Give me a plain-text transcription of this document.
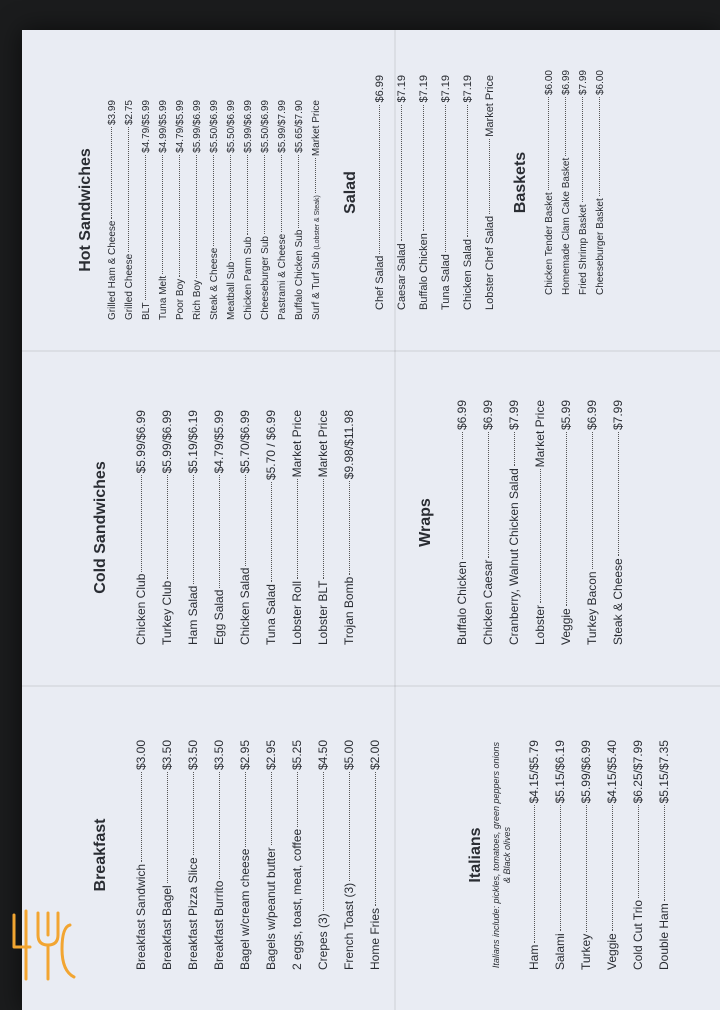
Breakfast
Breakfast Sandwich
$3.00
Breakfast Bagel
$3.50
Breakfast Pizza Slice
$3.50
Breakfast Burrito
$3.50
Bagel w/cream cheese
$2.95
Bagels w/peanut butter
$2.95
2 eggs, toast, meat, coffee
$5.25
Crepes (3)
$4.50
French Toast (3)
$5.00
Home Fries
$2.00
Italians Italians include: pickles, tomatoes, green peppers onions & Black olives
Ham
$4.15/$5.79
Salami
$5.15/$6.19
Turkey
$5.99/$6.99
Veggie
$4.15/$5.40
Cold Cut Trio
$6.25/$7.99
Double Ham
$5.15/$7.35
Cold Sandwiches
Chicken Club
$5.99/$6.99
Turkey Club
$5.99/$6.99
Ham Salad
$5.19/$6.19
Egg Salad
$4.79/$5.99
Chicken Salad
$5.70/$6.99
Tuna Salad
$5.70 / $6.99
Lobster Roll
Market Price
Lobster BLT
Market Price
Trojan Bomb
$9.98/$11.98
Wraps
Buffalo Chicken
$6.99
Chicken Caesar
$6.99
Cranberry, Walnut Chicken Salad
$7.99
Lobster
Market Price
Veggie
$5.99
Turkey Bacon
$6.99
Steak & Cheese
$7.99
Hot Sandwiches Grilled Ham & Cheese
$3.99
Grilled Cheese
$2.75
BLT
$4.79/$5.99
Tuna Melt
$4.99/$5.99
Poor Boy
$4.79/$5.99
Rich Boy
$5.99/$6.99
Steak & Cheese
$5.50/$6.99
Meatball Sub
$5.50/$6.99
Chicken Parm Sub
$5.99/$6.99
Cheeseburger Sub
$5.50/$6.99
Pastrami & Cheese
$5.99/$7.99
Buffalo Chicken Sub
$5.65/$7.90
Surf & Turf Sub
(Lobster & Steak)
Market Price
Salad
Chef Salad
$6.99
Caesar Salad
$7.19
Buffalo Chicken
$7.19
Tuna Salad
$7.19
Chicken Salad
$7.19
Lobster Chef Salad
Market Price
Baskets
Chicken Tender Basket
$6.00
Homemade Clam Cake Basket
$6.99
Fried Shrimp Basket
$7.99
Cheeseburger Basket
$6.00
